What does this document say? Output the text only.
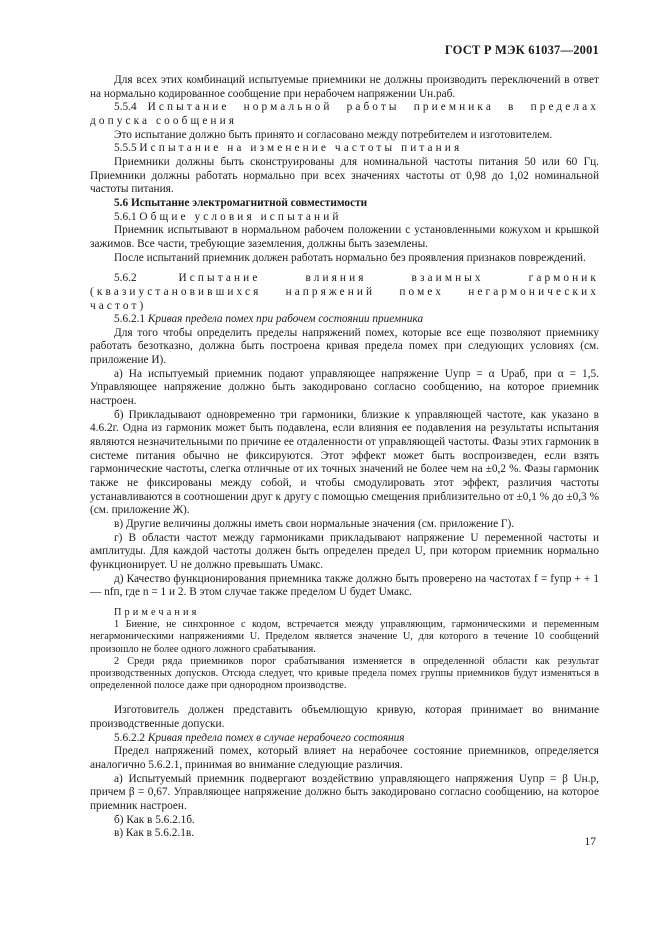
ГОСТ Р МЭК 61037—2001

Для всех этих комбинаций испытуемые приемники не должны производить переключений в ответ на нормально кодированное сообщение при нерабочем напряжении Uн.раб.

5.5.4 Испытание нормальной работы приемника в пределах допуска сообщения

Это испытание должно быть принято и согласовано между потребителем и изготовителем.

5.5.5 Испытание на изменение частоты питания

Приемники должны быть сконструированы для номинальной частоты питания 50 или 60 Гц. Приемники должны работать нормально при всех значениях частоты от 0,98 до 1,02 номинальной частоты питания.

5.6 Испытание электромагнитной совместимости

5.6.1 Общие условия испытаний

Приемник испытывают в нормальном рабочем положении с установленными кожухом и крышкой зажимов. Все части, требующие заземления, должны быть заземлены.

После испытаний приемник должен работать нормально без проявления признаков повреждений.

5.6.2	Испытание влияния взаимных гармоник (квазиустановившихся напряжений помех негармонических частот)

5.6.2.1 Кривая предела помех при рабочем состоянии приемника

Для того чтобы определить пределы напряжений помех, которые все еще позволяют приемнику работать безотказно, должна быть построена кривая предела помех при следующих условиях (см. приложение И).

а) На испытуемый приемник подают управляющее напряжение Uупр = α Uраб, при α = 1,5. Управляющее напряжение должно быть закодировано согласно сообщению, на которое приемник настроен.

б) Прикладывают одновременно три гармоники, близкие к управляющей частоте, как указано в 4.6.2г. Одна из гармоник может быть подавлена, если влияния ее подавления на результаты испытания являются незначительными по причине ее отдаленности от управляющей частоты. Фазы этих гармоник в системе питания обычно не фиксируются. Этот эффект может быть воспроизведен, если взять гармонические частоты, слегка отличные от их точных значений не более чем на ±0,2 %. Фазы гармоник также не фиксированы между собой, и чтобы смодулировать этот эффект, различия частоты устанавливаются в соотношении друг к другу с помощью смещения приблизительно от ±0,1 % до ±0,3 % (см. приложение Ж).

в) Другие величины должны иметь свои нормальные значения (см. приложение Г).

г) В области частот между гармониками прикладывают напряжение U переменной частоты и амплитуды. Для каждой частоты должен быть определен предел U, при котором приемник нормально функционирует. U не должно превышать Uмакс.

д) Качество функционирования приемника также должно быть проверено на частотах f = fупр + + 1 — nfп, где n = 1 и 2. В этом случае также пределом U будет Uмакс.

Примечания

1 Биение, не синхронное с кодом, встречается между управляющим, гармоническими и переменным негармоническими напряжениями U. Пределом является значение U, для которого в течение 10 сообщений произошло не более одного ложного срабатывания.

2 Среди ряда приемников порог срабатывания изменяется в определенной области как результат производственных допусков. Отсюда следует, что кривые предела помех группы приемников будут изменяться в определенной полосе даже при однородном производстве.

Изготовитель должен представить объемлющую кривую, которая принимает во внимание производственные допуски.

5.6.2.2 Кривая предела помех в случае нерабочего состояния

Предел напряжений помех, который влияет на нерабочее состояние приемников, определяется аналогично 5.6.2.1, принимая во внимание следующие различия.

а) Испытуемый приемник подвергают воздействию управляющего напряжения Uупр = β Uн.р, причем β = 0,67. Управляющее напряжение должно быть закодировано согласно сообщению, на которое приемник настроен.

б) Как в 5.6.2.1б.

в) Как в 5.6.2.1в.

17
